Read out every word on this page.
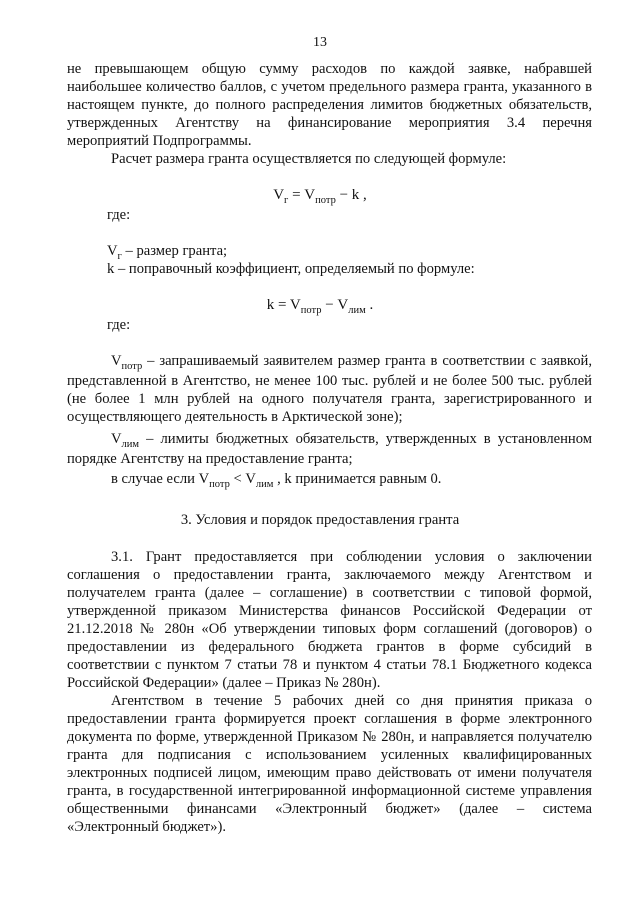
13

не превышающем общую сумму расходов по каждой заявке, набравшей наибольшее количество баллов, с учетом предельного размера гранта, указанного в настоящем пункте, до полного распределения лимитов бюджетных обязательств, утвержденных Агентству на финансирование мероприятия 3.4 перечня мероприятий Подпрограммы.

Расчет размера гранта осуществляется по следующей формуле:

$V_г = V_{потр} - k$ ,
где:
$V_г$ – размер гранта;
k – поправочный коэффициент, определяемый по формуле:
$k = V_{потр} - V_{лим}$ .
где:

$V_{потр}$ – запрашиваемый заявителем размер гранта в соответствии с заявкой, представленной в Агентство, не менее 100 тыс. рублей и не более 500 тыс. рублей (не более 1 млн рублей на одного получателя гранта, зарегистрированного и осуществляющего деятельность в Арктической зоне);

$V_{лим}$ – лимиты бюджетных обязательств, утвержденных в установленном порядке Агентству на предоставление гранта;

в случае если $V_{потр} < V_{лим}$ , k принимается равным 0.

3. Условия и порядок предоставления гранта

3.1. Грант предоставляется при соблюдении условия о заключении соглашения о предоставлении гранта, заключаемого между Агентством и получателем гранта (далее – соглашение) в соответствии с типовой формой, утвержденной приказом Министерства финансов Российской Федерации от 21.12.2018 № 280н «Об утверждении типовых форм соглашений (договоров) о предоставлении из федерального бюджета грантов в форме субсидий в соответствии с пунктом 7 статьи 78 и пунктом 4 статьи 78.1 Бюджетного кодекса Российской Федерации» (далее – Приказ № 280н).

Агентством в течение 5 рабочих дней со дня принятия приказа о предоставлении гранта формируется проект соглашения в форме электронного документа по форме, утвержденной Приказом № 280н, и направляется получателю гранта для подписания с использованием усиленных квалифицированных электронных подписей лицом, имеющим право действовать от имени получателя гранта, в государственной интегрированной информационной системе управления общественными финансами «Электронный бюджет» (далее – система «Электронный бюджет»).
